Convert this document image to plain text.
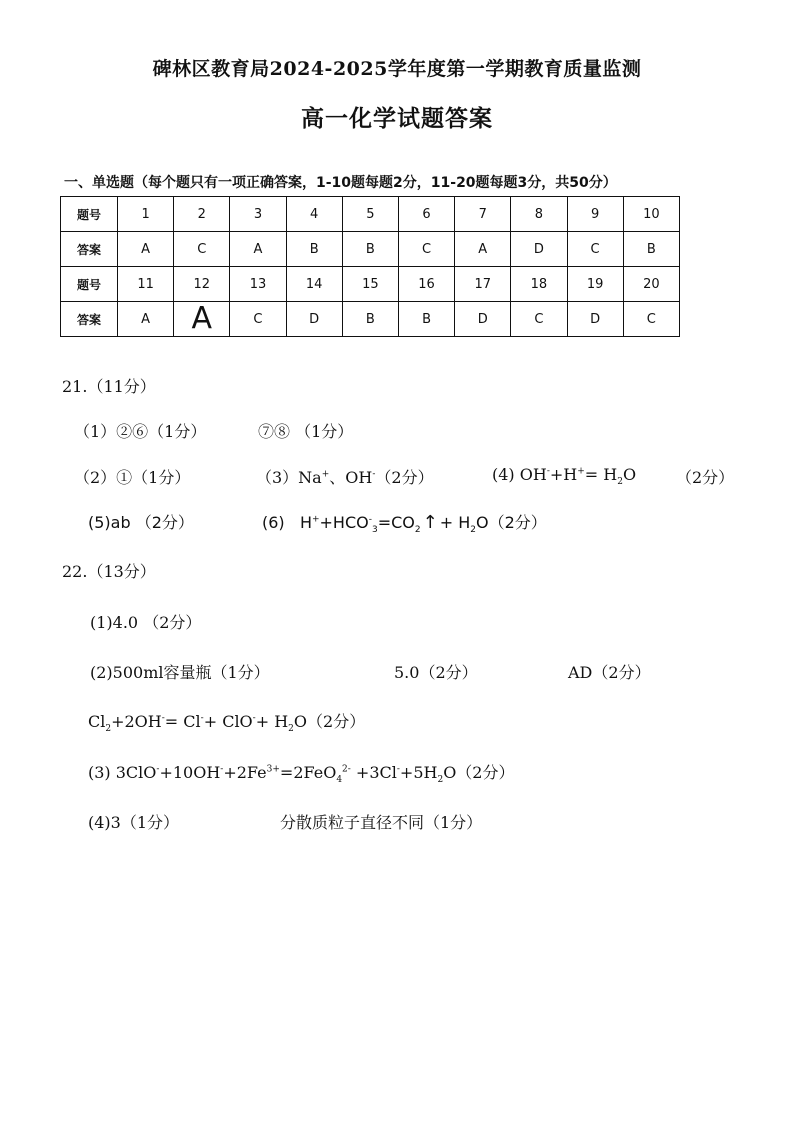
碑林区教育局2024-2025学年度第一学期教育质量监测
高一化学试题答案
一、单选题（每个题只有一项正确答案，1-10题每题2分，11-20题每题3分，共50分）
题号	1	2	3	4	5	6	7	8	9	10
答案	A	C	A	B	B	C	A	D	C	B
题号	11	12	13	14	15	16	17	18	19	20
答案	A	A	C	D	B	B	D	C	D	C
21.（11分）
（1）②⑥（1分）	⑦⑧ （1分）
（2）①（1分）	（3）Na+、OH-（2分）	(4) $OH^-+H^+= H_2O$ （2分）
(5)ab （2分）	(6) $H^++HCO^-_3=CO_2$ ↑ + $H_2O(2$分）
22.（13分）
(1)4.0 （2分）
(2)500ml容量瓶（1分）	5.0（2分）	AD（2分）
$Cl_2+2OH^-= Cl^-+ ClO^-+ H_2O(2$分）
(3) $3ClO^-+10OH^-+2Fe^{3+}=2FeO_4^{2-} +3Cl^-+5H_2O(2$分）
(4)3（1分）	分散质粒子直径不同（1分）
